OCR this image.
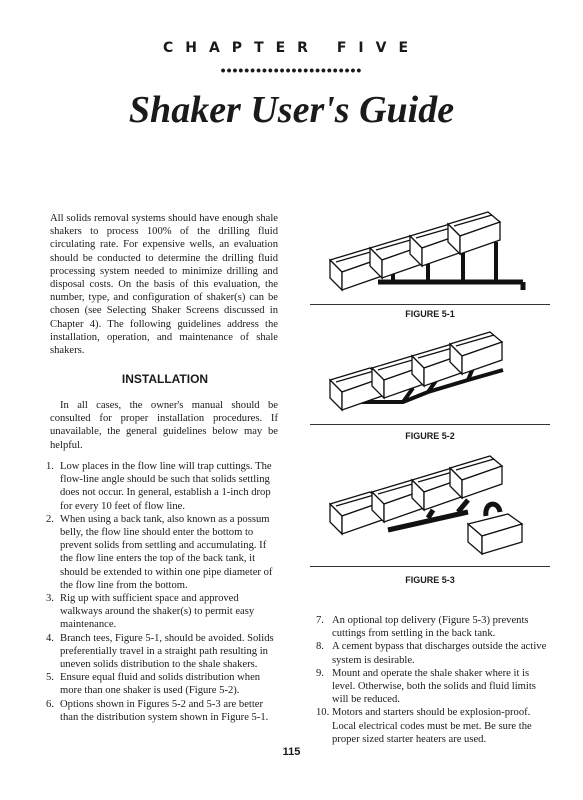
CHAPTER FIVE
••••••••••••••••••••••••
Shaker User's Guide

All solids removal systems should have enough shale shakers to process 100% of the drilling fluid circulating rate. For expensive wells, an evaluation should be conducted to determine the drilling fluid processing system needed to minimize drilling and disposal costs. On the basis of this evaluation, the number, type, and configuration of shaker(s) can be chosen (see Selecting Shaker Screens discussed in Chapter 4). The following guidelines address the installation, operation, and maintenance of shale shakers.

INSTALLATION

In all cases, the owner's manual should be consulted for proper installation procedures. If unavailable, the general guidelines below may be helpful.

1. Low places in the flow line will trap cuttings. The flow-line angle should be such that solids settling does not occur. In general, establish a 1-inch drop for every 10 feet of flow line.
2. When using a back tank, also known as a possum belly, the flow line should enter the bottom to prevent solids from settling and accumulating. If the flow line enters the top of the back tank, it should be extended to within one pipe diameter of the flow line from the bottom.
3. Rig up with sufficient space and approved walkways around the shaker(s) to permit easy maintenance.
4. Branch tees, Figure 5-1, should be avoided. Solids preferentially travel in a straight path resulting in uneven solids distribution to the shale shakers.
5. Ensure equal fluid and solids distribution when more than one shaker is used (Figure 5-2).
6. Options shown in Figures 5-2 and 5-3 are better than the distribution system shown in Figure 5-1.
7. An optional top delivery (Figure 5-3) prevents cuttings from settling in the back tank.
8. A cement bypass that discharges outside the active system is desirable.
9. Mount and operate the shale shaker where it is level. Otherwise, both the solids and fluid limits will be reduced.
10. Motors and starters should be explosion-proof. Local electrical codes must be met. Be sure the proper sized starter heaters are used.
FIGURE 5-1
FIGURE 5-2
FIGURE 5-3
115
